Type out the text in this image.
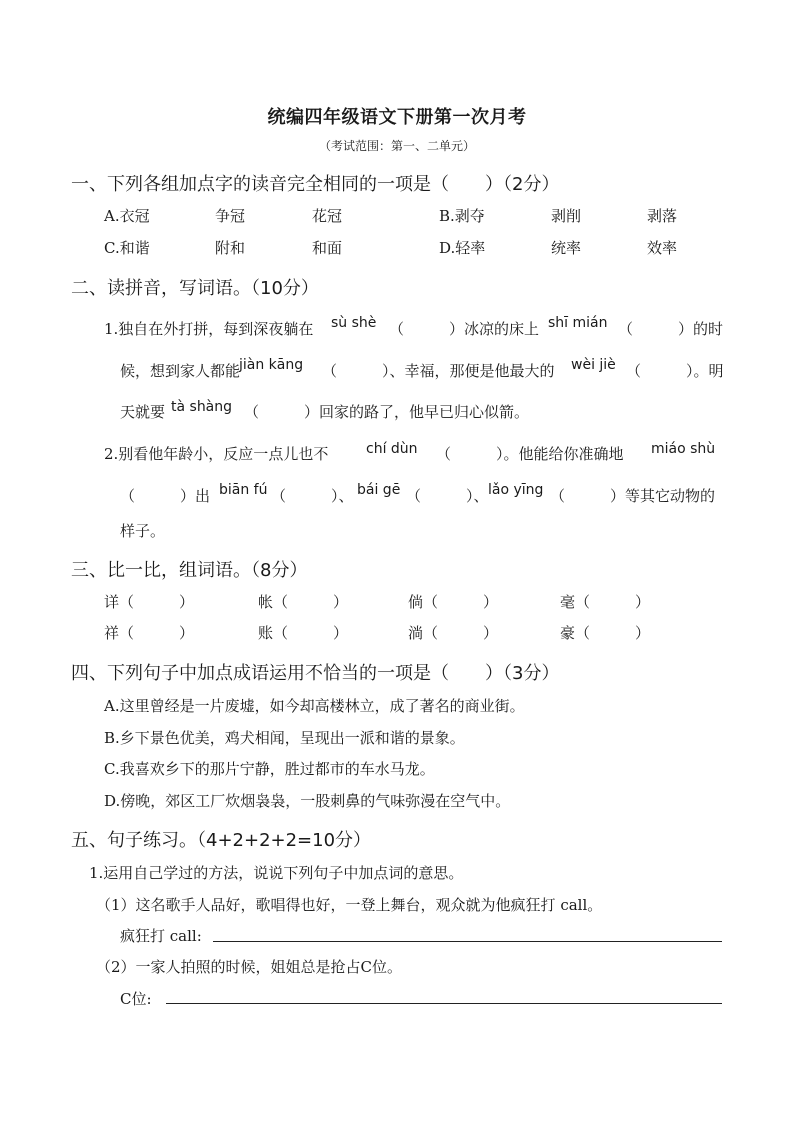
统编四年级语文下册第一次月考
（考试范围：第一、二单元）
一、下列各组加点字的读音完全相同的一项是（　　）（2分）
A.衣冠	争冠	花冠	B.剥夺	剥削	剥落
C.和谐	附和	和面	D.轻率	统率	效率
二、读拼音，写词语。（10分）
sù shè	shī mián
jiàn kāng	wèi jiè
tà shàng
1.独自在外打拼，每到深夜躺在	（　　　）冰凉的床上	（　　　）的时
候，想到家人都能	（　　　）、幸福，那便是他最大的	（　　　）。明
天就要	（　　　）回家的路了，他早已归心似箭。
chí dùn	miáo shù
biān fú	bái gē	lǎo yīng
2.别看他年龄小，反应一点儿也不	（　　　）。他能给你准确地
（　　　）出	（　　　）、	（　　　）、	（　　　）等其它动物的
样子。
三、比一比，组词语。（8分）
详（　　　）	帐（　　　）	倘（　　　）	毫（　　　）
祥（　　　）	账（　　　）	淌（　　　）	豪（　　　）
四、下列句子中加点成语运用不恰当的一项是（　　）（3分）
A.这里曾经是一片废墟，如今却高楼林立，成了著名的商业街。
B.乡下景色优美，鸡犬相闻，呈现出一派和谐的景象。
C.我喜欢乡下的那片宁静，胜过都市的车水马龙。
D.傍晚，郊区工厂炊烟袅袅，一股刺鼻的气味弥漫在空气中。
五、句子练习。（4+2+2+2=10分）
1.运用自己学过的方法，说说下列句子中加点词的意思。
（1）这名歌手人品好，歌唱得也好，一登上舞台，观众就为他疯狂打 call。
疯狂打 call:
（2）一家人拍照的时候，姐姐总是抢占C位。
C位:
